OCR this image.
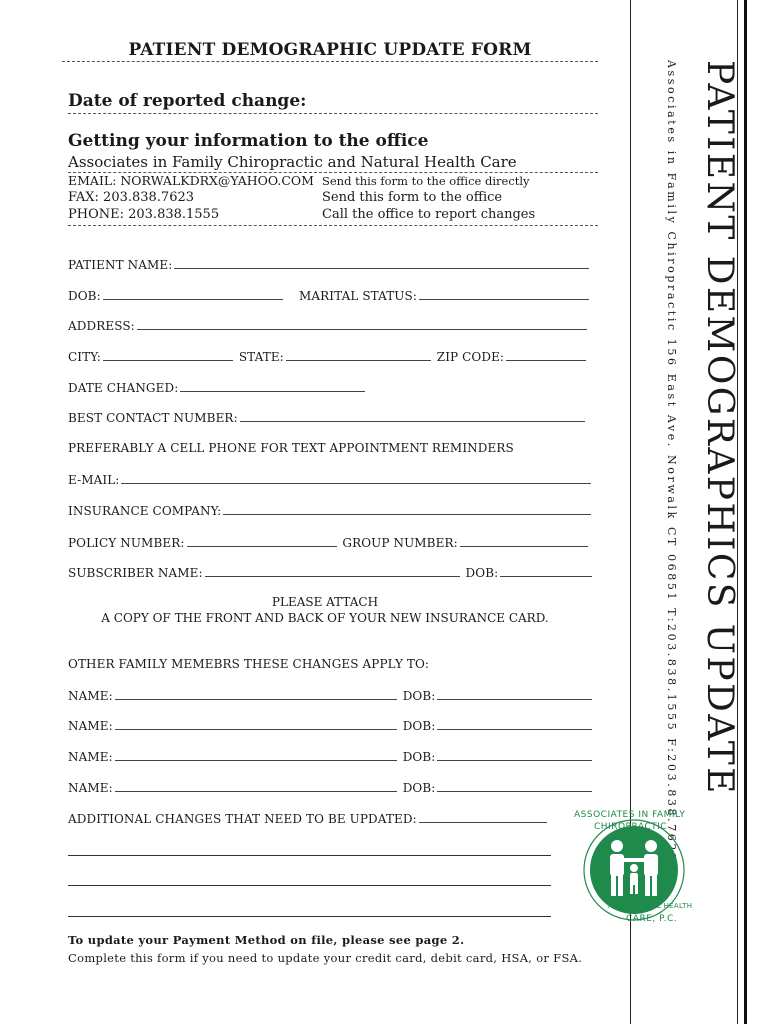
PATIENT DEMOGRAPHIC UPDATE FORM
Date of reported change:
Getting your information to the office
Associates in Family Chiropractic and Natural Health Care
EMAIL: NORWALKDRX@YAHOO.COM Send this form to the office directly
FAX: 203.838.7623	Send this form to the office
PHONE: 203.838.1555	Call the office to report changes
PATIENT NAME:
DOB:	MARITAL STATUS:
ADDRESS:
CITY:	STATE:	ZIP CODE:
DATE CHANGED:
BEST CONTACT NUMBER:
PREFERABLY A CELL PHONE FOR TEXT APPOINTMENT REMINDERS
E-MAIL:
INSURANCE COMPANY:
POLICY NUMBER:	GROUP NUMBER:
SUBSCRIBER NAME:	DOB:
PLEASE ATTACH
A COPY OF THE FRONT AND BACK OF YOUR NEW INSURANCE CARD.
OTHER FAMILY MEMEBRS THESE CHANGES APPLY TO:
NAME:	DOB:
NAME:	DOB:
NAME:	DOB:
NAME:	DOB:
ADDITIONAL CHANGES THAT NEED TO BE UPDATED:
To update your Payment Method on file, please see page 2.
Complete this form if you need to update your credit card, debit card, HSA, or FSA.
Associates in Family Chiropractic 156 East Ave. Norwalk CT 06851 T:203.838.1555 F:203.838.7623 PATIENT DEMOGRAPHICS UPDATE
ASSOCIATES IN FAMILY
CHIROPRACTIC
AND NATURAL HEALTH
CARE, P.C.
